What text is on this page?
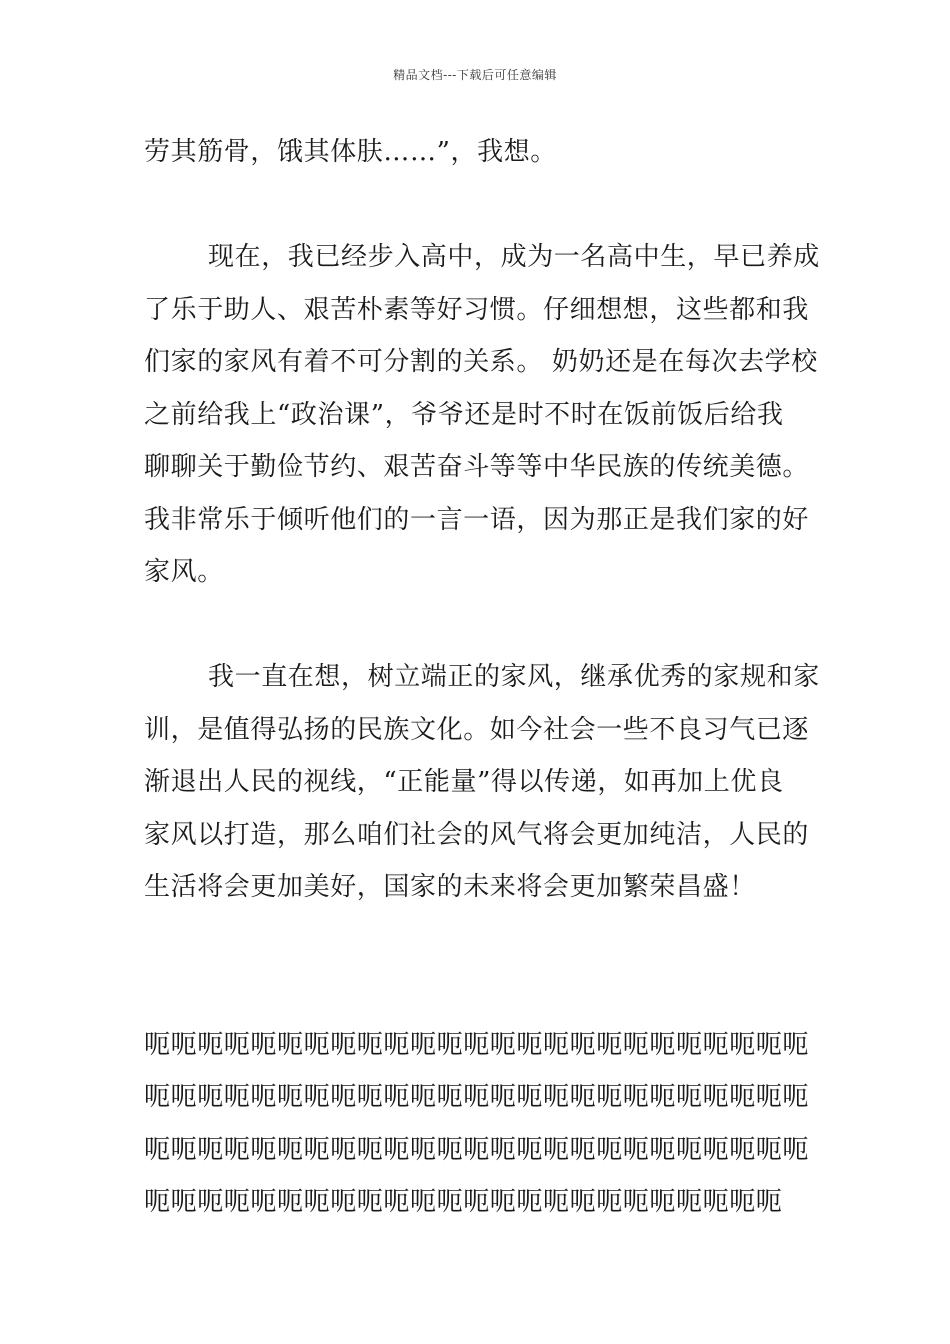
精品文档---下载后可任意编辑
劳其筋骨，饿其体肤……”，我想。
现在，我已经步入高中，成为一名高中生，早已养成
了乐于助人、艰苦朴素等好习惯。仔细想想，这些都和我
们家的家风有着不可分割的关系。 奶奶还是在每次去学校
之前给我上“政治课”，爷爷还是时不时在饭前饭后给我
聊聊关于勤俭节约、艰苦奋斗等等中华民族的传统美德。
我非常乐于倾听他们的一言一语，因为那正是我们家的好
家风。
我一直在想，树立端正的家风，继承优秀的家规和家
训，是值得弘扬的民族文化。如今社会一些不良习气已逐
渐退出人民的视线，“正能量”得以传递，如再加上优良
家风以打造，那么咱们社会的风气将会更加纯洁，人民的
生活将会更加美好，国家的未来将会更加繁荣昌盛！
呃呃呃呃呃呃呃呃呃呃呃呃呃呃呃呃呃呃呃呃呃呃呃呃呃
呃呃呃呃呃呃呃呃呃呃呃呃呃呃呃呃呃呃呃呃呃呃呃呃呃
呃呃呃呃呃呃呃呃呃呃呃呃呃呃呃呃呃呃呃呃呃呃呃呃呃
呃呃呃呃呃呃呃呃呃呃呃呃呃呃呃呃呃呃呃呃呃呃呃呃
